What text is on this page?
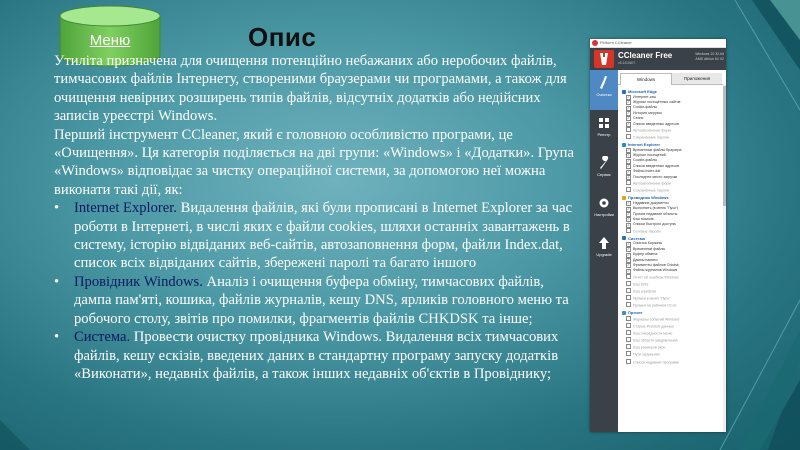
Меню	Опис

Утиліта призначена для очищення потенційно небажаних або неробочих файлів, тимчасових файлів Інтернету, створеними браузерами чи програмами, а також для очищення невірних розширень типів файлів, відсутніх додатків або недійсних записів уреєстрі Windows.

Перший інструмент CCleaner, який є головною особливістю програми, це «Очищення». Ця категорія поділяється на дві групи: «Windows» і «Додатки». Група «Windows» відповідає за чистку операційної системи, за допомогою неї можна виконати такі дії, як:

• Internet Explorer. Видалення файлів, які були прописані в Internet Explorer за час роботи в Інтернеті, в числі яких є файли cookies, шляхи останніх завантажень в систему, історію відвіданих веб-сайтів, автозаповнення форм, файли Index.dat, список всіх відвіданих сайтів, збережені паролі та багато іншого
• Провідник Windows. Аналіз і очищення буфера обміну, тимчасових файлів, дампа пам'яті, кошика, файлів журналів, кешу DNS, ярликів головного меню та робочого столу, звітів про помилки, фрагментів файлів CHKDSK та інше;
• Система. Провести очистку провідника Windows. Видалення всіх тимчасових файлів, кешу ескізів, введених даних в стандартну програму запуску додатків «Виконати», недавніх файлів, а також інших недавніх об'єктів в Провіднику;
Piriform CCleaner
CCleaner Free
v5.18.5607
Windows 10 32-bit
AMD Athlon 64 X2
Очистка
Реестр
Сервис
Настройки
Upgrade
Windows	Приложения
Microsoft Edge
✓ Интернет-кэш
✓ Журнал посещённых сайтов
✓ Cookie-файлы
✓ История загрузок
✓ Сеанс
✓ Список введенных адресов
Автозаполнение форм
Сохранённые пароли
Internet Explorer
✓ Временные файлы браузера
✓ Журнал посещений
✓ Cookie-файлы
✓ Список введенных адресов
✓ Файлы Index.dat
✓ Последнее место загрузки
Автозаполнение форм
Сохранённые пароли
Проводник Windows
✓ Недавние документы
✓ Выполнить (в меню "Пуск")
✓ Прочие недавние объекты
✓ Кэш эскизов
✓ Списки быстрого доступа
Сетевые пароли
Система
✓ Очистка Корзины
✓ Временные файлы
✓ Буфер обмена
✓ Дампы памяти
✓ Фрагменты файлов Chkdsk
✓ Файлы журналов Windows
Отчёт об ошибках Windows
Кэш DNS
Кэш шрифтов
Ярлыки в меню "Пуск"
Ярлыки на рабочем столе
Прочее
Журналы событий Windows
Старые Prefetch-данные
Кэш очерёдности меню
Кэш области уведомлений
Кэш размеров окон
Пути окружения
Список недавних программ
